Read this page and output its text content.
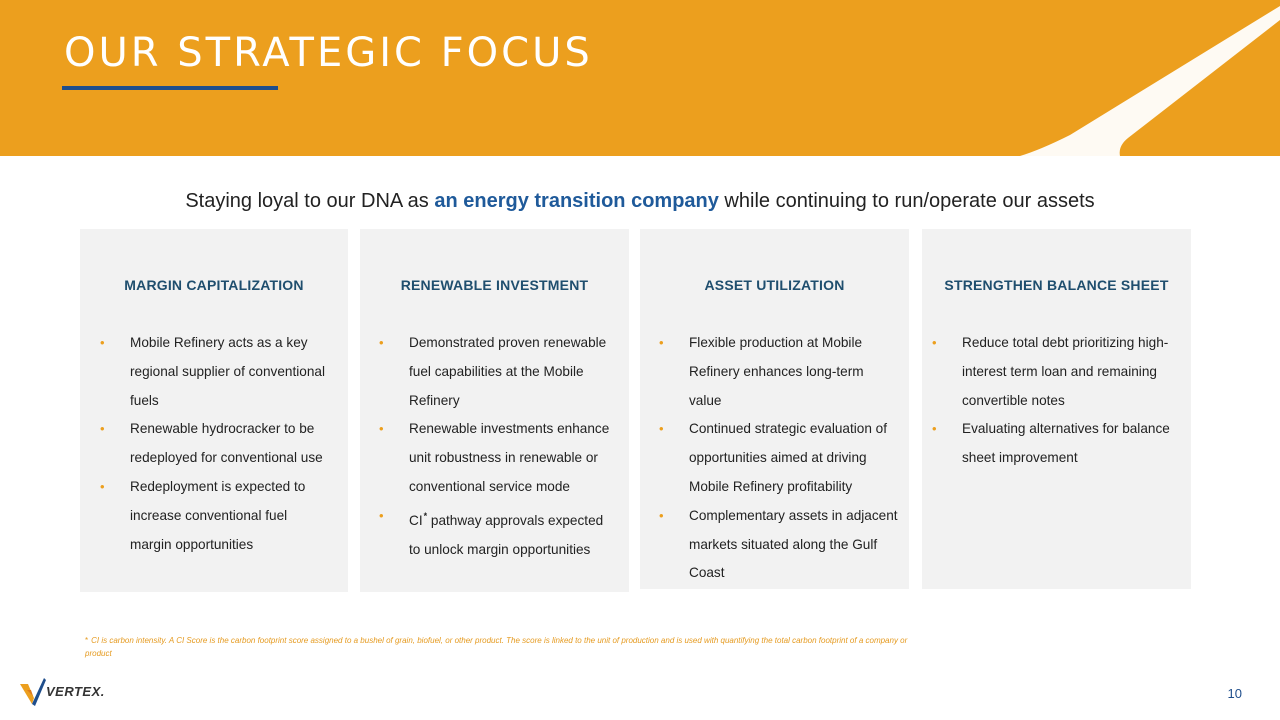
OUR STRATEGIC FOCUS
Staying loyal to our DNA as an energy transition company while continuing to run/operate our assets
MARGIN CAPITALIZATION
• Mobile Refinery acts as a key regional supplier of conventional fuels
• Renewable hydrocracker to be redeployed for conventional use
• Redeployment is expected to increase conventional fuel margin opportunities
RENEWABLE INVESTMENT
• Demonstrated proven renewable fuel capabilities at the Mobile Refinery
• Renewable investments enhance unit robustness in renewable or conventional service mode
• CI* pathway approvals expected to unlock margin opportunities
ASSET UTILIZATION
• Flexible production at Mobile Refinery enhances long-term value
• Continued strategic evaluation of opportunities aimed at driving Mobile Refinery profitability
• Complementary assets in adjacent markets situated along the Gulf Coast
STRENGTHEN BALANCE SHEET
• Reduce total debt prioritizing high-interest term loan and remaining convertible notes
• Evaluating alternatives for balance sheet improvement
* CI is carbon intensity. A CI Score is the carbon footprint score assigned to a bushel of grain, biofuel, or other product. The score is linked to the unit of production and is used with quantifying the total carbon footprint of a company or product
VERTEX.	10
